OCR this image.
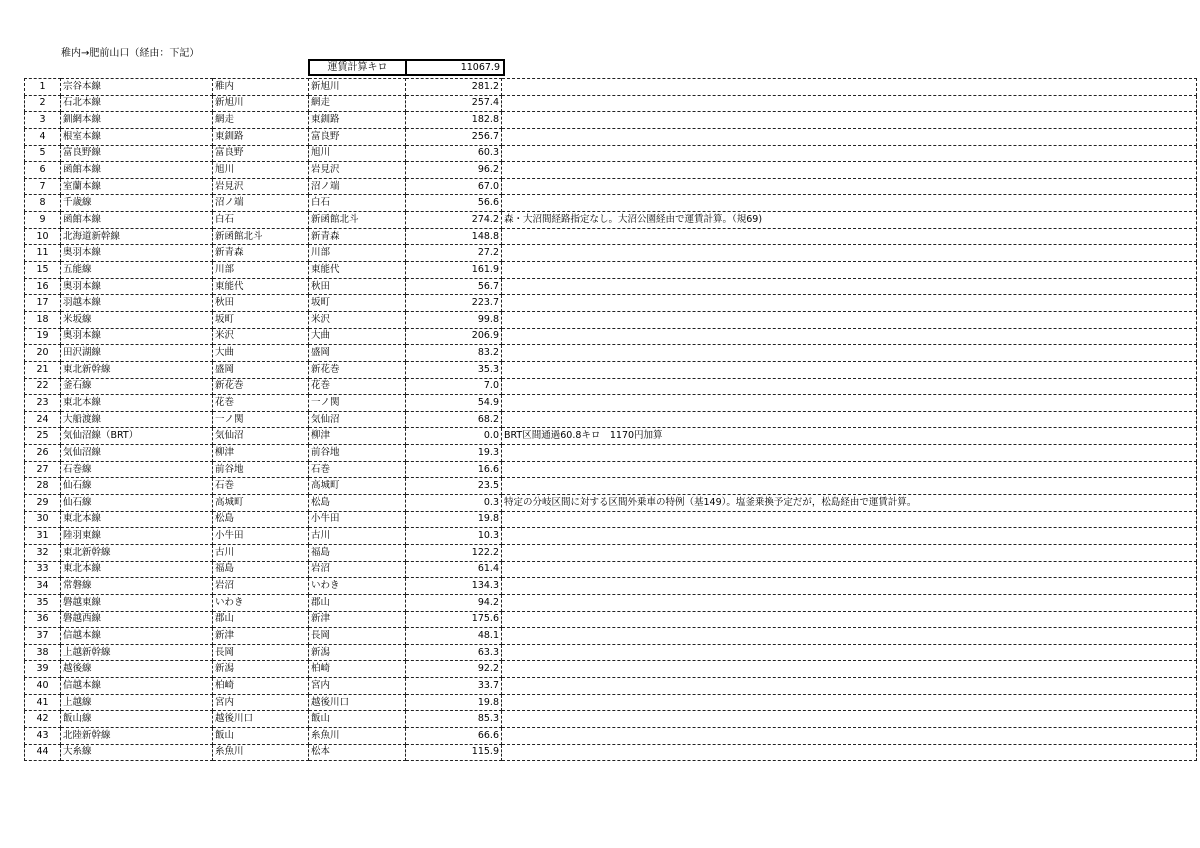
稚内→肥前山口（経由：下記）
運賃計算キロ	11067.9
1	宗谷本線	稚内	新旭川	281.2	
2	石北本線	新旭川	網走	257.4	
3	釧網本線	網走	東釧路	182.8	
4	根室本線	東釧路	富良野	256.7	
5	富良野線	富良野	旭川	60.3	
6	函館本線	旭川	岩見沢	96.2	
7	室蘭本線	岩見沢	沼ノ端	67.0	
8	千歳線	沼ノ端	白石	56.6	
9	函館本線	白石	新函館北斗	274.2	森・大沼間経路指定なし。大沼公園経由で運賃計算。（規69)
10	北海道新幹線	新函館北斗	新青森	148.8	
11	奥羽本線	新青森	川部	27.2	
15	五能線	川部	東能代	161.9	
16	奥羽本線	東能代	秋田	56.7	
17	羽越本線	秋田	坂町	223.7	
18	米坂線	坂町	米沢	99.8	
19	奥羽本線	米沢	大曲	206.9	
20	田沢湖線	大曲	盛岡	83.2	
21	東北新幹線	盛岡	新花巻	35.3	
22	釜石線	新花巻	花巻	7.0	
23	東北本線	花巻	一ノ関	54.9	
24	大船渡線	一ノ関	気仙沼	68.2	
25	気仙沼線（BRT）	気仙沼	柳津	0.0	BRT区間通過60.8キロ　1170円加算
26	気仙沼線	柳津	前谷地	19.3	
27	石巻線	前谷地	石巻	16.6	
28	仙石線	石巻	高城町	23.5	
29	仙石線	高城町	松島	0.3	特定の分岐区間に対する区間外乗車の特例（基149）。塩釜乗換予定だが，松島経由で運賃計算。
30	東北本線	松島	小牛田	19.8	
31	陸羽東線	小牛田	古川	10.3	
32	東北新幹線	古川	福島	122.2	
33	東北本線	福島	岩沼	61.4	
34	常磐線	岩沼	いわき	134.3	
35	磐越東線	いわき	郡山	94.2	
36	磐越西線	郡山	新津	175.6	
37	信越本線	新津	長岡	48.1	
38	上越新幹線	長岡	新潟	63.3	
39	越後線	新潟	柏崎	92.2	
40	信越本線	柏崎	宮内	33.7	
41	上越線	宮内	越後川口	19.8	
42	飯山線	越後川口	飯山	85.3	
43	北陸新幹線	飯山	糸魚川	66.6	
44	大糸線	糸魚川	松本	115.9	
